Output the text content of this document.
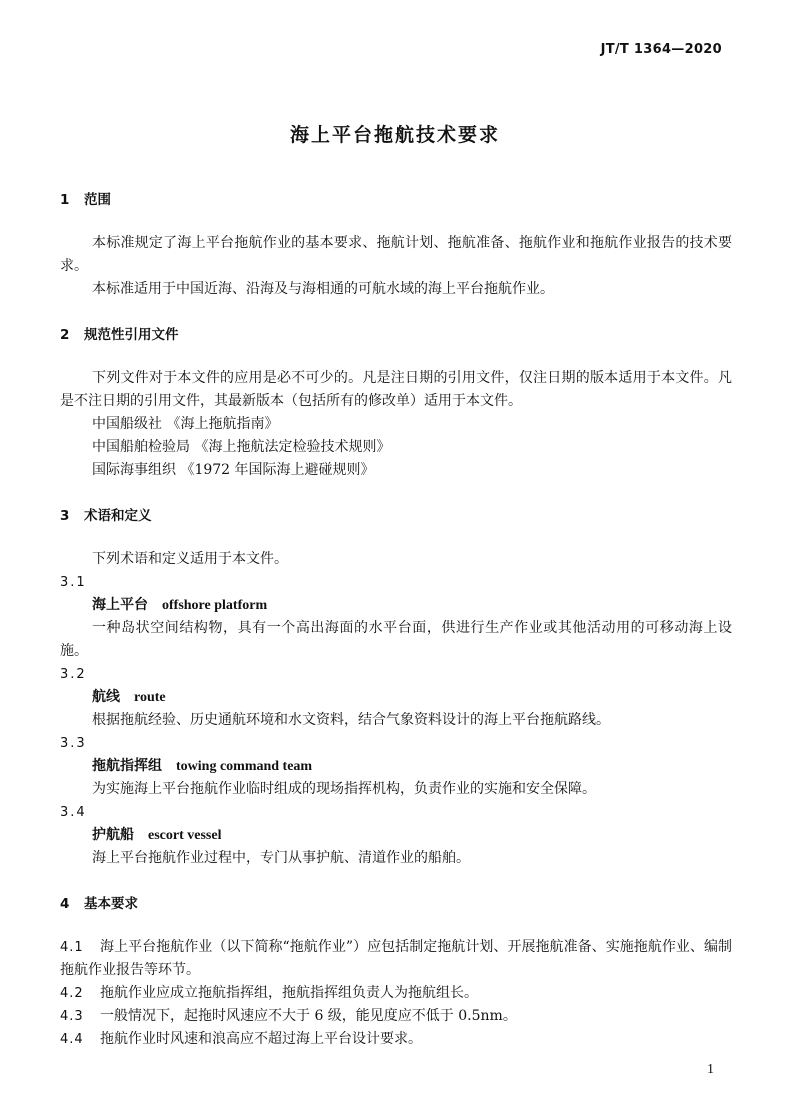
JT/T 1364—2020
海上平台拖航技术要求
1 范围

本标准规定了海上平台拖航作业的基本要求、拖航计划、拖航准备、拖航作业和拖航作业报告的技术要求。

本标准适用于中国近海、沿海及与海相通的可航水域的海上平台拖航作业。

2 规范性引用文件

下列文件对于本文件的应用是必不可少的。凡是注日期的引用文件，仅注日期的版本适用于本文件。凡是不注日期的引用文件，其最新版本（包括所有的修改单）适用于本文件。

中国船级社 《海上拖航指南》

中国船舶检验局 《海上拖航法定检验技术规则》

国际海事组织 《1972 年国际海上避碰规则》

3 术语和定义

下列术语和定义适用于本文件。

3.1

海上平台 offshore platform

一种岛状空间结构物，具有一个高出海面的水平台面，供进行生产作业或其他活动用的可移动海上设施。

3.2

航线 route

根据拖航经验、历史通航环境和水文资料，结合气象资料设计的海上平台拖航路线。

3.3

拖航指挥组 towing command team

为实施海上平台拖航作业临时组成的现场指挥机构，负责作业的实施和安全保障。

3.4

护航船 escort vessel

海上平台拖航作业过程中，专门从事护航、清道作业的船舶。

4 基本要求

4.1 海上平台拖航作业（以下简称“拖航作业”）应包括制定拖航计划、开展拖航准备、实施拖航作业、编制拖航作业报告等环节。

4.2 拖航作业应成立拖航指挥组，拖航指挥组负责人为拖航组长。

4.3 一般情况下，起拖时风速应不大于 6 级，能见度应不低于 0.5nm。

4.4 拖航作业时风速和浪高应不超过海上平台设计要求。

1
